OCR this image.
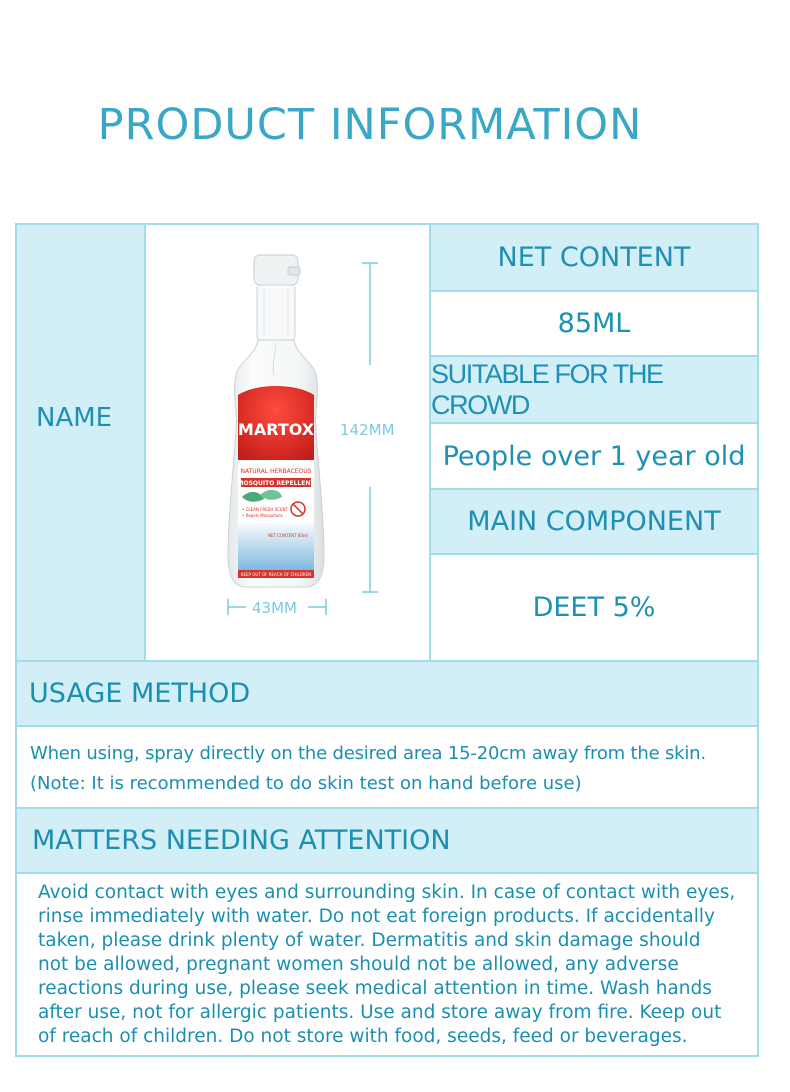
PRODUCT INFORMATION
NAME	MARTOX
NATURAL HERBACEOUS
MOSQUITO REPELLENT
• CLEAN FRESH SCENT
• Repels Mosquitoes
NET CONTENT 85ml
KEEP OUT OF REACH OF CHILDREN
142MM
43MM
NET CONTENT
85ML
SUITABLE FOR THE CROWD
People over 1 year old
MAIN COMPONENT
DEET 5%
USAGE METHOD
When using, spray directly on the desired area 15-20cm away from the skin.
(Note: It is recommended to do skin test on hand before use)
MATTERS NEEDING ATTENTION
Avoid contact with eyes and surrounding skin. In case of contact with eyes,
rinse immediately with water. Do not eat foreign products. If accidentally
taken, please drink plenty of water. Dermatitis and skin damage should
not be allowed, pregnant women should not be allowed, any adverse
reactions during use, please seek medical attention in time. Wash hands
after use, not for allergic patients. Use and store away from fire. Keep out
of reach of children. Do not store with food, seeds, feed or beverages.
